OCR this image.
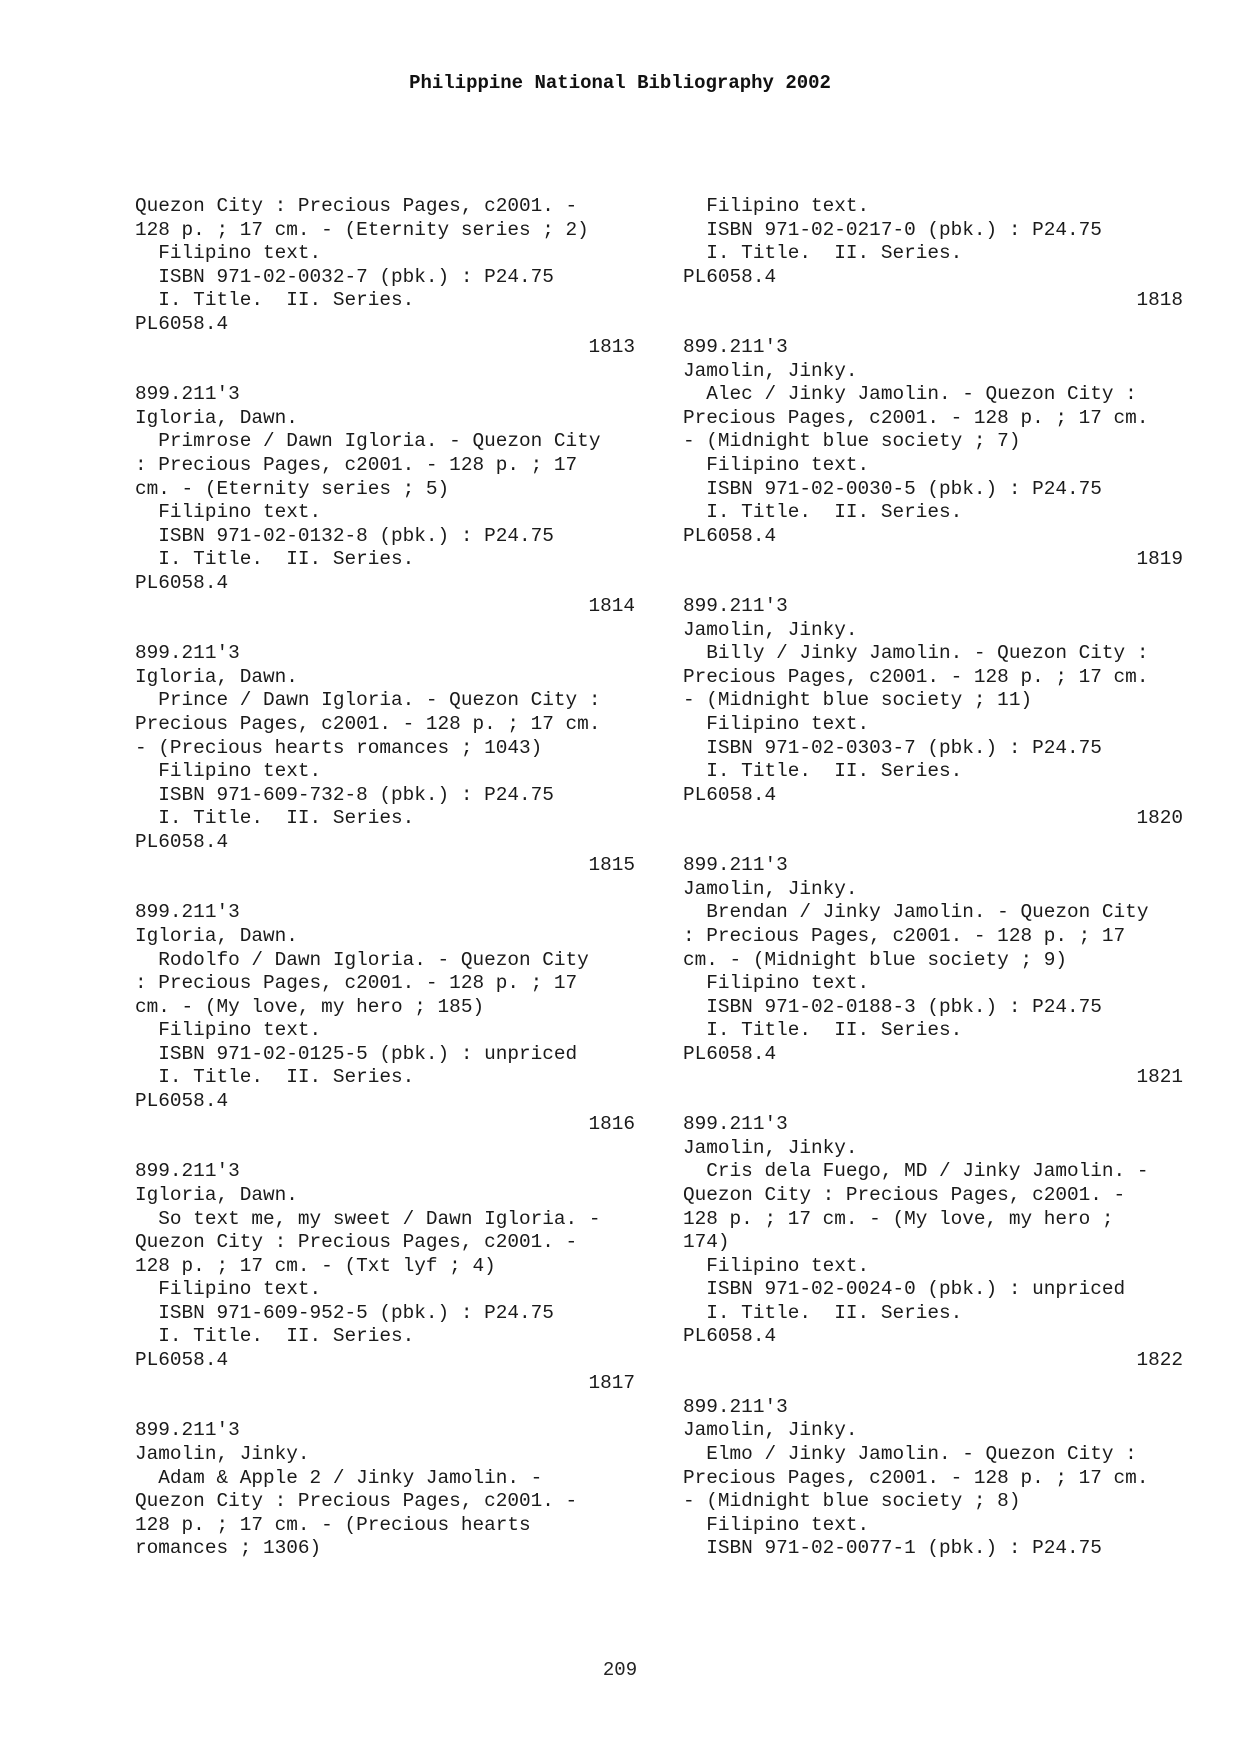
Philippine National Bibliography 2002
Quezon City : Precious Pages, c2001. -
128 p. ; 17 cm. - (Eternity series ; 2)
Filipino text.
ISBN 971-02-0032-7 (pbk.) : P24.75
I. Title.  II. Series.
PL6058.4
1813
899.211'3
Igloria, Dawn.
Primrose / Dawn Igloria. - Quezon City
: Precious Pages, c2001. - 128 p. ; 17
cm. - (Eternity series ; 5)
Filipino text.
ISBN 971-02-0132-8 (pbk.) : P24.75
I. Title.  II. Series.
PL6058.4
1814
899.211'3
Igloria, Dawn.
Prince / Dawn Igloria. - Quezon City :
Precious Pages, c2001. - 128 p. ; 17 cm.
- (Precious hearts romances ; 1043)
Filipino text.
ISBN 971-609-732-8 (pbk.) : P24.75
I. Title.  II. Series.
PL6058.4
1815
899.211'3
Igloria, Dawn.
Rodolfo / Dawn Igloria. - Quezon City
: Precious Pages, c2001. - 128 p. ; 17
cm. - (My love, my hero ; 185)
Filipino text.
ISBN 971-02-0125-5 (pbk.) : unpriced
I. Title.  II. Series.
PL6058.4
1816
899.211'3
Igloria, Dawn.
So text me, my sweet / Dawn Igloria. -
Quezon City : Precious Pages, c2001. -
128 p. ; 17 cm. - (Txt lyf ; 4)
Filipino text.
ISBN 971-609-952-5 (pbk.) : P24.75
I. Title.  II. Series.
PL6058.4
1817
899.211'3
Jamolin, Jinky.
Adam & Apple 2 / Jinky Jamolin. -
Quezon City : Precious Pages, c2001. -
128 p. ; 17 cm. - (Precious hearts
romances ; 1306)
Filipino text.
ISBN 971-02-0217-0 (pbk.) : P24.75
I. Title.  II. Series.
PL6058.4
1818
899.211'3
Jamolin, Jinky.
Alec / Jinky Jamolin. - Quezon City :
Precious Pages, c2001. - 128 p. ; 17 cm.
- (Midnight blue society ; 7)
Filipino text.
ISBN 971-02-0030-5 (pbk.) : P24.75
I. Title.  II. Series.
PL6058.4
1819
899.211'3
Jamolin, Jinky.
Billy / Jinky Jamolin. - Quezon City :
Precious Pages, c2001. - 128 p. ; 17 cm.
- (Midnight blue society ; 11)
Filipino text.
ISBN 971-02-0303-7 (pbk.) : P24.75
I. Title.  II. Series.
PL6058.4
1820
899.211'3
Jamolin, Jinky.
Brendan / Jinky Jamolin. - Quezon City
: Precious Pages, c2001. - 128 p. ; 17
cm. - (Midnight blue society ; 9)
Filipino text.
ISBN 971-02-0188-3 (pbk.) : P24.75
I. Title.  II. Series.
PL6058.4
1821
899.211'3
Jamolin, Jinky.
Cris dela Fuego, MD / Jinky Jamolin. -
Quezon City : Precious Pages, c2001. -
128 p. ; 17 cm. - (My love, my hero ;
174)
Filipino text.
ISBN 971-02-0024-0 (pbk.) : unpriced
I. Title.  II. Series.
PL6058.4
1822
899.211'3
Jamolin, Jinky.
Elmo / Jinky Jamolin. - Quezon City :
Precious Pages, c2001. - 128 p. ; 17 cm.
- (Midnight blue society ; 8)
Filipino text.
ISBN 971-02-0077-1 (pbk.) : P24.75
209
